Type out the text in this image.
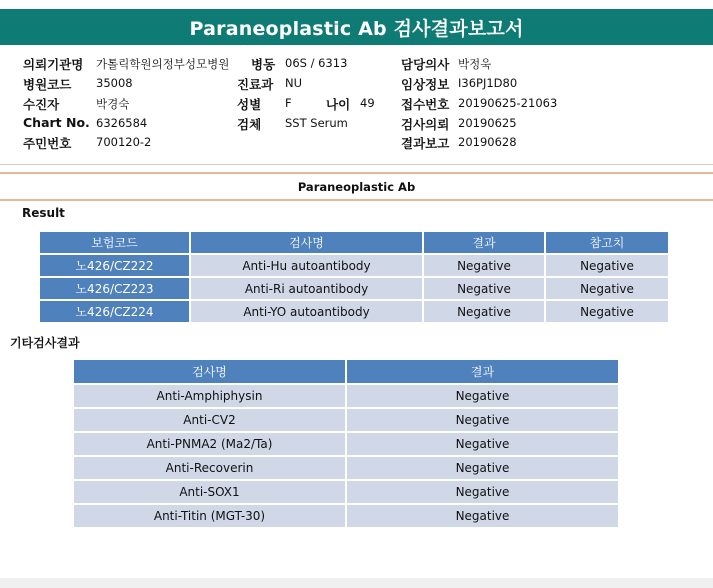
Paraneoplastic Ab 검사결과보고서
의뢰기관명 가톨릭학원의정부성모병원 병동 06S / 6313	담당의사 박정욱
병원코드 35008	진료과 NU	임상정보 I36PJ1D80
수진자	박경숙	성별 F	나이 49 접수번호 20190625-21063
Chart No. 6326584	검체 SST Serum	검사의뢰 20190625
주민번호 700120-2	결과보고 20190628
Paraneoplastic Ab
Result
보험코드	검사명	결과	참고치
노426/CZ222	Anti-Hu autoantibody	Negative	Negative
노426/CZ223	Anti-Ri autoantibody	Negative	Negative
노426/CZ224	Anti-YO autoantibody	Negative	Negative
기타검사결과
검사명	결과
Anti-Amphiphysin	Negative
Anti-CV2	Negative
Anti-PNMA2 (Ma2/Ta)	Negative
Anti-Recoverin	Negative
Anti-SOX1	Negative
Anti-Titin (MGT-30)	Negative
